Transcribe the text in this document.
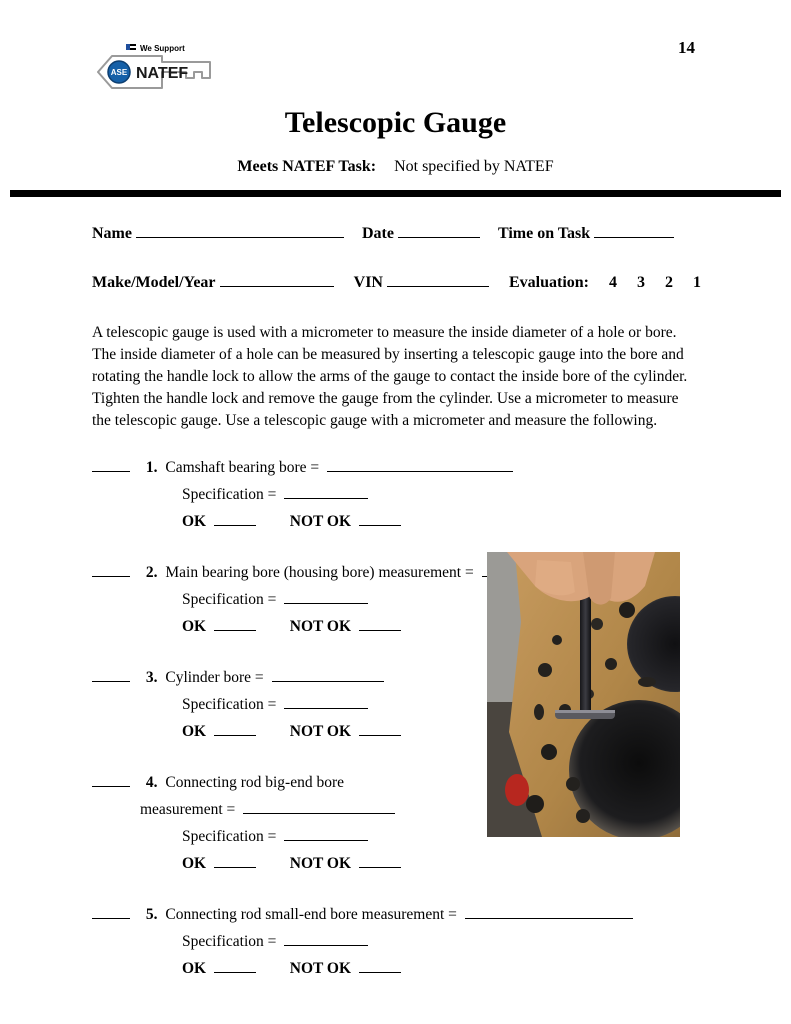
We Support
ASE NATEF
14
Telescopic Gauge
Meets NATEF Task: Not specified by NATEF
Name	Date	Time on Task
Make/Model/Year	VIN	Evaluation: 4 3 2 1
A telescopic gauge is used with a micrometer to measure the inside diameter of a hole or bore. The inside diameter of a hole can be measured by inserting a telescopic gauge into the bore and rotating the handle lock to allow the arms of the gauge to contact the inside bore of the cylinder. Tighten the handle lock and remove the gauge from the cylinder. Use a micrometer to measure the telescopic gauge. Use a telescopic gauge with a micrometer and measure the following.
1. Camshaft bearing bore =
Specification =
OK	NOT OK
2. Main bearing bore (housing bore) measurement =
Specification =
OK	NOT OK
3. Cylinder bore =
Specification =
OK	NOT OK
4. Connecting rod big-end bore
measurement =
Specification =
OK	NOT OK
5. Connecting rod small-end bore measurement =
Specification =
OK	NOT OK
